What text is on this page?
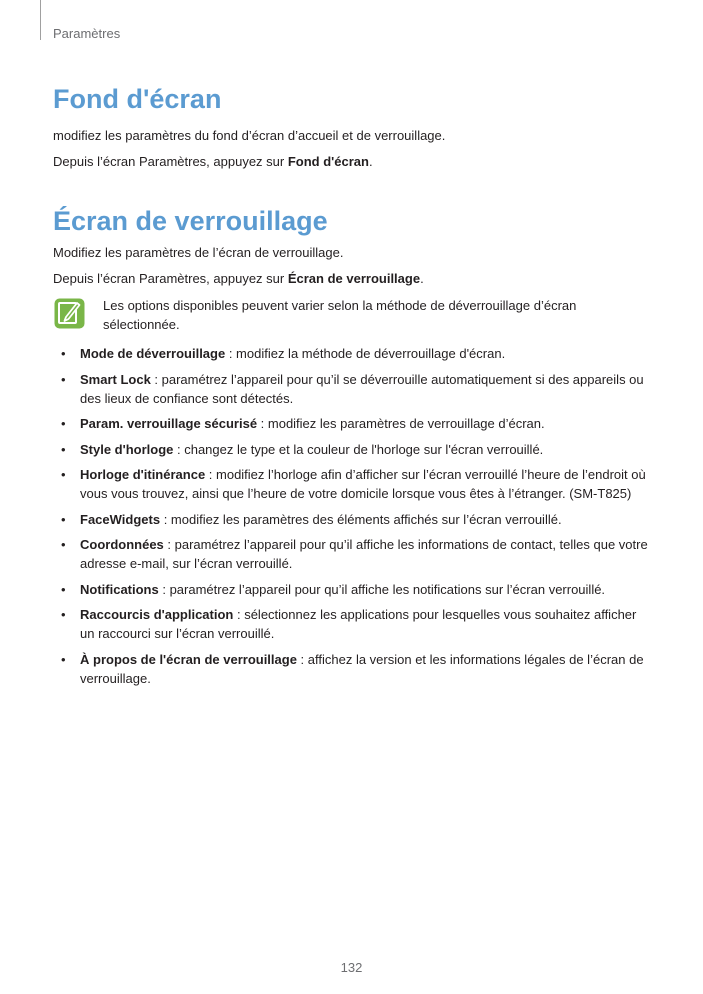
Paramètres
Fond d'écran

modifiez les paramètres du fond d’écran d’accueil et de verrouillage.

Depuis l’écran Paramètres, appuyez sur Fond d'écran.

Écran de verrouillage

Modifiez les paramètres de l’écran de verrouillage.

Depuis l’écran Paramètres, appuyez sur Écran de verrouillage.

Les options disponibles peuvent varier selon la méthode de déverrouillage d’écran sélectionnée.

• Mode de déverrouillage : modifiez la méthode de déverrouillage d'écran.
• Smart Lock : paramétrez l’appareil pour qu’il se déverrouille automatiquement si des appareils ou des lieux de confiance sont détectés.
• Param. verrouillage sécurisé : modifiez les paramètres de verrouillage d’écran.
• Style d'horloge : changez le type et la couleur de l'horloge sur l'écran verrouillé.
• Horloge d'itinérance : modifiez l’horloge afin d’afficher sur l’écran verrouillé l’heure de l’endroit où vous vous trouvez, ainsi que l’heure de votre domicile lorsque vous êtes à l’étranger. (SM-T825)
• FaceWidgets : modifiez les paramètres des éléments affichés sur l’écran verrouillé.
• Coordonnées : paramétrez l’appareil pour qu’il affiche les informations de contact, telles que votre adresse e-mail, sur l’écran verrouillé.
• Notifications : paramétrez l’appareil pour qu’il affiche les notifications sur l’écran verrouillé.
• Raccourcis d'application : sélectionnez les applications pour lesquelles vous souhaitez afficher un raccourci sur l’écran verrouillé.
• À propos de l'écran de verrouillage : affichez la version et les informations légales de l’écran de verrouillage.
132
